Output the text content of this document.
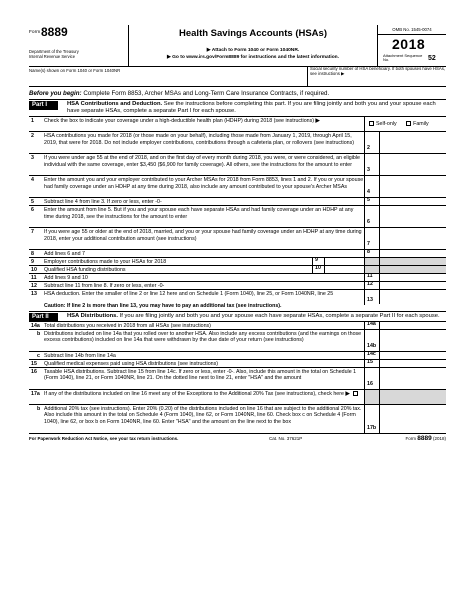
Form 8889
Department of the Treasury
Internal Revenue Service
Health Savings Accounts (HSAs)
▶ Attach to Form 1040 or Form 1040NR.
▶ Go to www.irs.gov/Form8889 for instructions and the latest information.
OMB No. 1545-0074
2018
Attachment Sequence No.	52
Name(s) shown on Form 1040 or Form 1040NR	Social security number of HSA beneficiary. If both spouses have HSAs, see instructions ▶
Before you begin: Complete Form 8853, Archer MSAs and Long-Term Care Insurance Contracts, if required.
Part I	HSA Contributions and Deduction. See the instructions before completing this part. If you are filing jointly and both you and your spouse each have separate HSAs, complete a separate Part I for each spouse.
1	Check the box to indicate your coverage under a high-deductible health plan (HDHP) during 2018 (see instructions) ▶	Self-only	Family
2	HSA contributions you made for 2018 (or those made on your behalf), including those made from January 1, 2019, through April 15, 2019, that were for 2018. Do not include employer contributions, contributions through a cafeteria plan, or rollovers (see instructions)
2
3	If you were under age 55 at the end of 2018, and on the first day of every month during 2018, you were, or were considered, an eligible individual with the same coverage, enter $3,450 ($6,900 for family coverage). All others, see the instructions for the amount to enter
3
4	Enter the amount you and your employer contributed to your Archer MSAs for 2018 from Form 8853, lines 1 and 2. If you or your spouse had family coverage under an HDHP at any time during 2018, also include any amount contributed to your spouse's Archer MSAs
4
5	Subtract line 4 from line 3. If zero or less, enter -0-	5
6	Enter the amount from line 5. But if you and your spouse each have separate HSAs and had family coverage under an HDHP at any time during 2018, see the instructions for the amount to enter
6
7	If you were age 55 or older at the end of 2018, married, and you or your spouse had family coverage under an HDHP at any time during 2018, enter your additional contribution amount (see instructions)
7
8	Add lines 6 and 7	8
9	Employer contributions made to your HSAs for 2018	9
10	Qualified HSA funding distributions	10
11	Add lines 9 and 10	11
12	Subtract line 11 from line 8. If zero or less, enter -0-	12
13 HSA deduction. Enter the smaller of line 2 or line 12 here and on Schedule 1 (Form 1040), line 25, or Form 1040NR, line 25
13
Caution: If line 2 is more than line 13, you may have to pay an additional tax (see instructions).
Part II	HSA Distributions. If you are filing jointly and both you and your spouse each have separate HSAs, complete a separate Part II for each spouse.
14a Total distributions you received in 2018 from all HSAs (see instructions)	14a
b Distributions included on line 14a that you rolled over to another HSA. Also include any excess contributions (and the earnings on those excess contributions) included on line 14a that were withdrawn by the due date of your return (see instructions)
14b
c Subtract line 14b from line 14a	14c
15	Qualified medical expenses paid using HSA distributions (see instructions)	15
16	Taxable HSA distributions. Subtract line 15 from line 14c. If zero or less, enter -0-. Also, include this amount in the total on Schedule 1 (Form 1040), line 21, or Form 1040NR, line 21. On the dotted line next to line 21, enter "HSA" and the amount
16
17a If any of the distributions included on line 16 meet any of the Exceptions to the Additional 20% Tax (see instructions), check here ▶
b Additional 20% tax (see instructions). Enter 20% (0.20) of the distributions included on line 16 that are subject to the additional 20% tax. Also include this amount in the total on Schedule 4 (Form 1040), line 62, or Form 1040NR, line 60. Check box c on Schedule 4 (Form 1040), line 62, or box b on Form 1040NR, line 60. Enter "HSA" and the amount on the line next to the box
17b
For Paperwork Reduction Act Notice, see your tax return instructions.	Cat. No. 37621P	Form 8889 (2018)
